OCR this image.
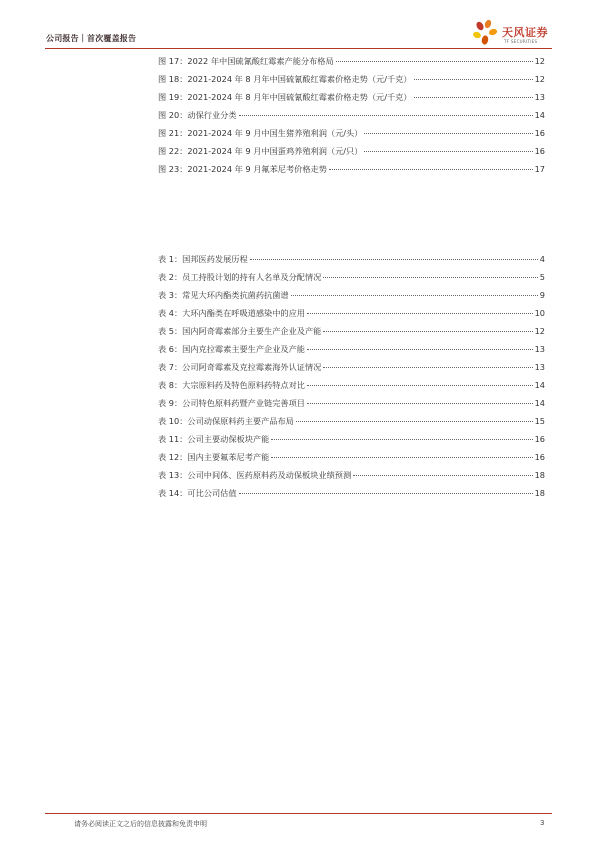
公司报告｜首次覆盖报告	天风证券
TF SECURITIES
图 17：2022 年中国硫氰酸红霉素产能分布格局	12
图 18：2021-2024 年 8 月年中国硫氰酸红霉素价格走势（元/千克）	12
图 19：2021-2024 年 8 月年中国硫氰酸红霉素价格走势（元/千克）	13
图 20：动保行业分类	14
图 21：2021-2024 年 9 月中国生猪养殖利润（元/头）	16
图 22：2021-2024 年 9 月中国蛋鸡养殖利润（元/只）	16
图 23：2021-2024 年 9 月氟苯尼考价格走势	17
表 1：国邦医药发展历程	4
表 2：员工持股计划的持有人名单及分配情况	5
表 3：常见大环内酯类抗菌药抗菌谱	9
表 4：大环内酯类在呼吸道感染中的应用	10
表 5：国内阿奇霉素部分主要生产企业及产能	12
表 6：国内克拉霉素主要生产企业及产能	13
表 7：公司阿奇霉素及克拉霉素海外认证情况	13
表 8：大宗原料药及特色原料药特点对比	14
表 9：公司特色原料药暨产业链完善项目	14
表 10：公司动保原料药主要产品布局	15
表 11：公司主要动保板块产能	16
表 12：国内主要氟苯尼考产能	16
表 13：公司中间体、医药原料药及动保板块业绩预测	18
表 14：可比公司估值	18
请务必阅读正文之后的信息披露和免责申明	3
